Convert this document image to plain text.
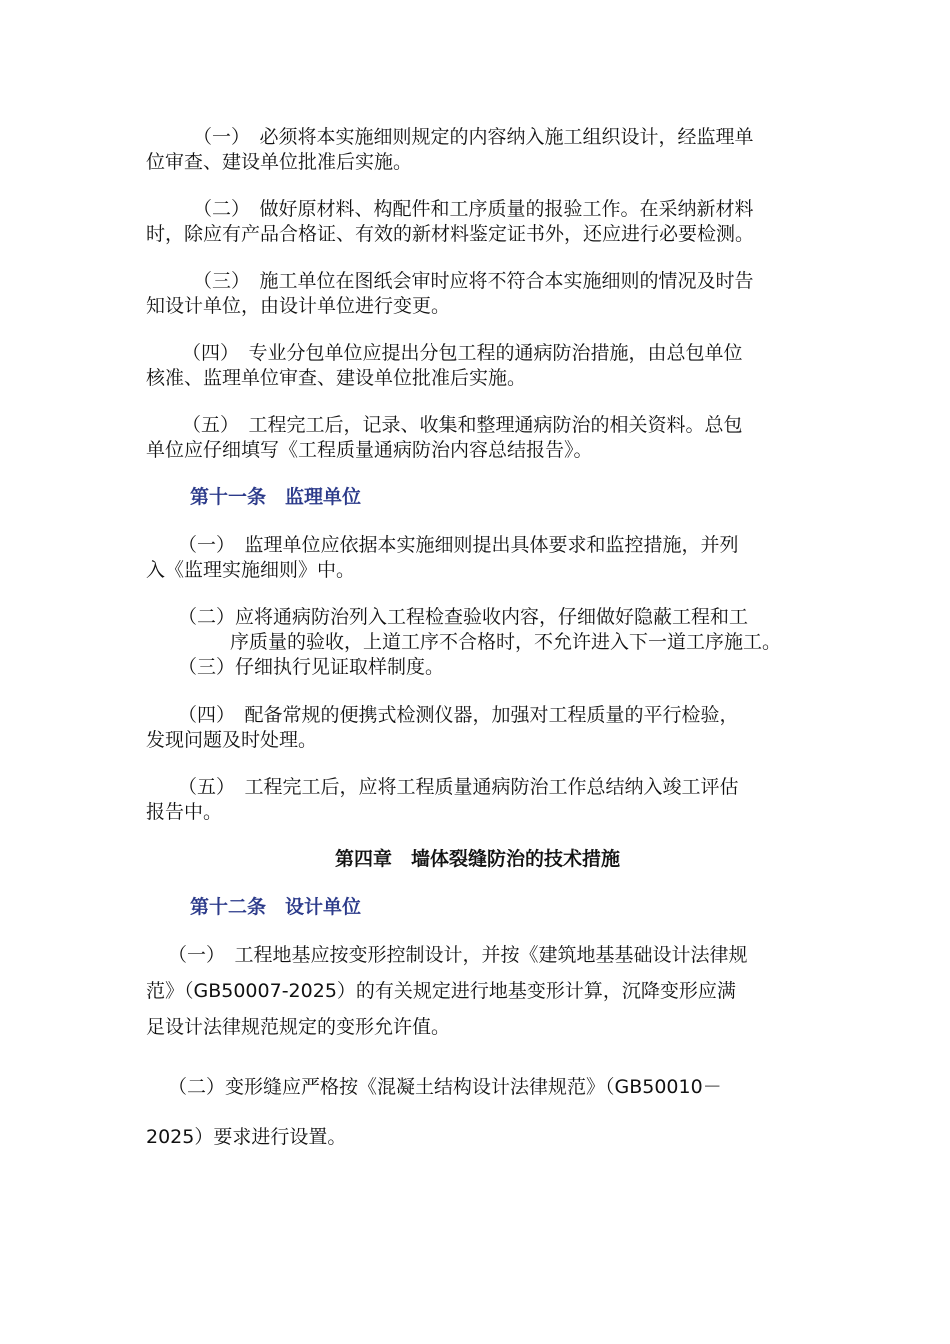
（一）　必须将本实施细则规定的内容纳入施工组织设计，经监理单
位审查、建设单位批准后实施。
（二）　做好原材料、构配件和工序质量的报验工作。在采纳新材料
时，除应有产品合格证、有效的新材料鉴定证书外，还应进行必要检测。
（三）　施工单位在图纸会审时应将不符合本实施细则的情况及时告
知设计单位，由设计单位进行变更。
（四）　专业分包单位应提出分包工程的通病防治措施，由总包单位
核准、监理单位审查、建设单位批准后实施。
（五）　工程完工后，记录、收集和整理通病防治的相关资料。总包
单位应仔细填写《工程质量通病防治内容总结报告》。
第十一条　监理单位
（一）　监理单位应依据本实施细则提出具体要求和监控措施，并列
入《监理实施细则》中。
（二）应将通病防治列入工程检查验收内容，仔细做好隐蔽工程和工
序质量的验收，上道工序不合格时，不允许进入下一道工序施工。
（三）仔细执行见证取样制度。
（四）　配备常规的便携式检测仪器，加强对工程质量的平行检验，
发现问题及时处理。
（五）　工程完工后，应将工程质量通病防治工作总结纳入竣工评估
报告中。
第四章　墙体裂缝防治的技术措施
第十二条　设计单位
（一）　工程地基应按变形控制设计，并按《建筑地基基础设计法律规
范》（GB50007-2025）的有关规定进行地基变形计算，沉降变形应满
足设计法律规范规定的变形允许值。
（二）变形缝应严格按《混凝土结构设计法律规范》（GB50010－
2025）要求进行设置。
